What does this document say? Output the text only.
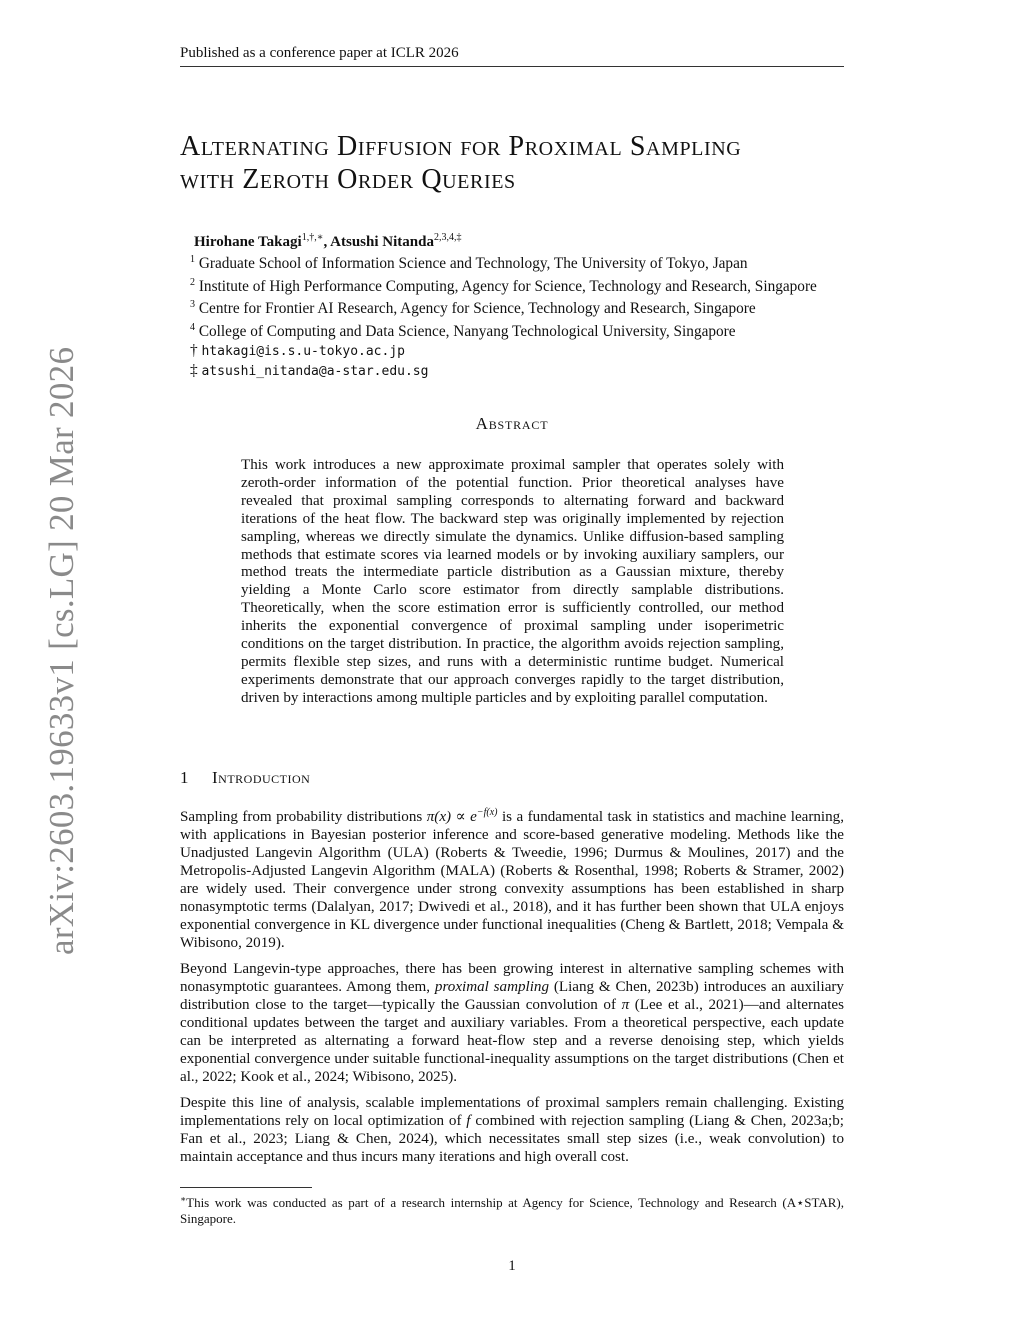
Published as a conference paper at ICLR 2026
arXiv:2603.19633v1 [cs.LG] 20 Mar 2026
Alternating Diffusion for Proximal Sampling
with Zeroth Order Queries
Hirohane Takagi$^{1,\dagger,∗}$, Atsushi Nitanda$^{2,3,4,\ddagger}$
$^1$ Graduate School of Information Science and Technology, The University of Tokyo, Japan
$^2$ Institute of High Performance Computing, Agency for Science, Technology and Research, Singapore
$^3$ Centre for Frontier AI Research, Agency for Science, Technology and Research, Singapore
$^4$ College of Computing and Data Science, Nanyang Technological University, Singapore
† htakagi@is.s.u-tokyo.ac.jp
‡ atsushi_nitanda@a-star.edu.sg
Abstract
This work introduces a new approximate proximal sampler that operates solely with zeroth-order information of the potential function. Prior theoretical analyses have revealed that proximal sampling corresponds to alternating forward and backward iterations of the heat flow. The backward step was originally implemented by rejection sampling, whereas we directly simulate the dynamics. Unlike diffusion-based sampling methods that estimate scores via learned models or by invoking auxiliary samplers, our method treats the intermediate particle distribution as a Gaussian mixture, thereby yielding a Monte Carlo score estimator from directly samplable distributions. Theoretically, when the score estimation error is sufficiently controlled, our method inherits the exponential convergence of proximal sampling under isoperimetric conditions on the target distribution. In practice, the algorithm avoids rejection sampling, permits flexible step sizes, and runs with a deterministic runtime budget. Numerical experiments demonstrate that our approach converges rapidly to the target distribution, driven by interactions among multiple particles and by exploiting parallel computation.
1 Introduction

Sampling from probability distributions $\pi(x) \propto e^{-f(x)}$ is a fundamental task in statistics and machine learning, with applications in Bayesian posterior inference and score-based generative modeling. Methods like the Unadjusted Langevin Algorithm (ULA) (Roberts & Tweedie, 1996; Durmus & Moulines, 2017) and the Metropolis-Adjusted Langevin Algorithm (MALA) (Roberts & Rosenthal, 1998; Roberts & Stramer, 2002) are widely used. Their convergence under strong convexity assumptions has been established in sharp nonasymptotic terms (Dalalyan, 2017; Dwivedi et al., 2018), and it has further been shown that ULA enjoys exponential convergence in KL divergence under functional inequalities (Cheng & Bartlett, 2018; Vempala & Wibisono, 2019).

Beyond Langevin-type approaches, there has been growing interest in alternative sampling schemes with nonasymptotic guarantees. Among them, proximal sampling (Liang & Chen, 2023b) introduces an auxiliary distribution close to the target—typically the Gaussian convolution of π (Lee et al., 2021)—and alternates conditional updates between the target and auxiliary variables. From a theoretical perspective, each update can be interpreted as alternating a forward heat-flow step and a reverse denoising step, which yields exponential convergence under suitable functional-inequality assumptions on the target distributions (Chen et al., 2022; Kook et al., 2024; Wibisono, 2025).

Despite this line of analysis, scalable implementations of proximal samplers remain challenging. Existing implementations rely on local optimization of f combined with rejection sampling (Liang & Chen, 2023a;b; Fan et al., 2023; Liang & Chen, 2024), which necessitates small step sizes (i.e., weak convolution) to maintain acceptance and thus incurs many iterations and high overall cost.

∗This work was conducted as part of a research internship at Agency for Science, Technology and Research (A⋆STAR), Singapore.
1
